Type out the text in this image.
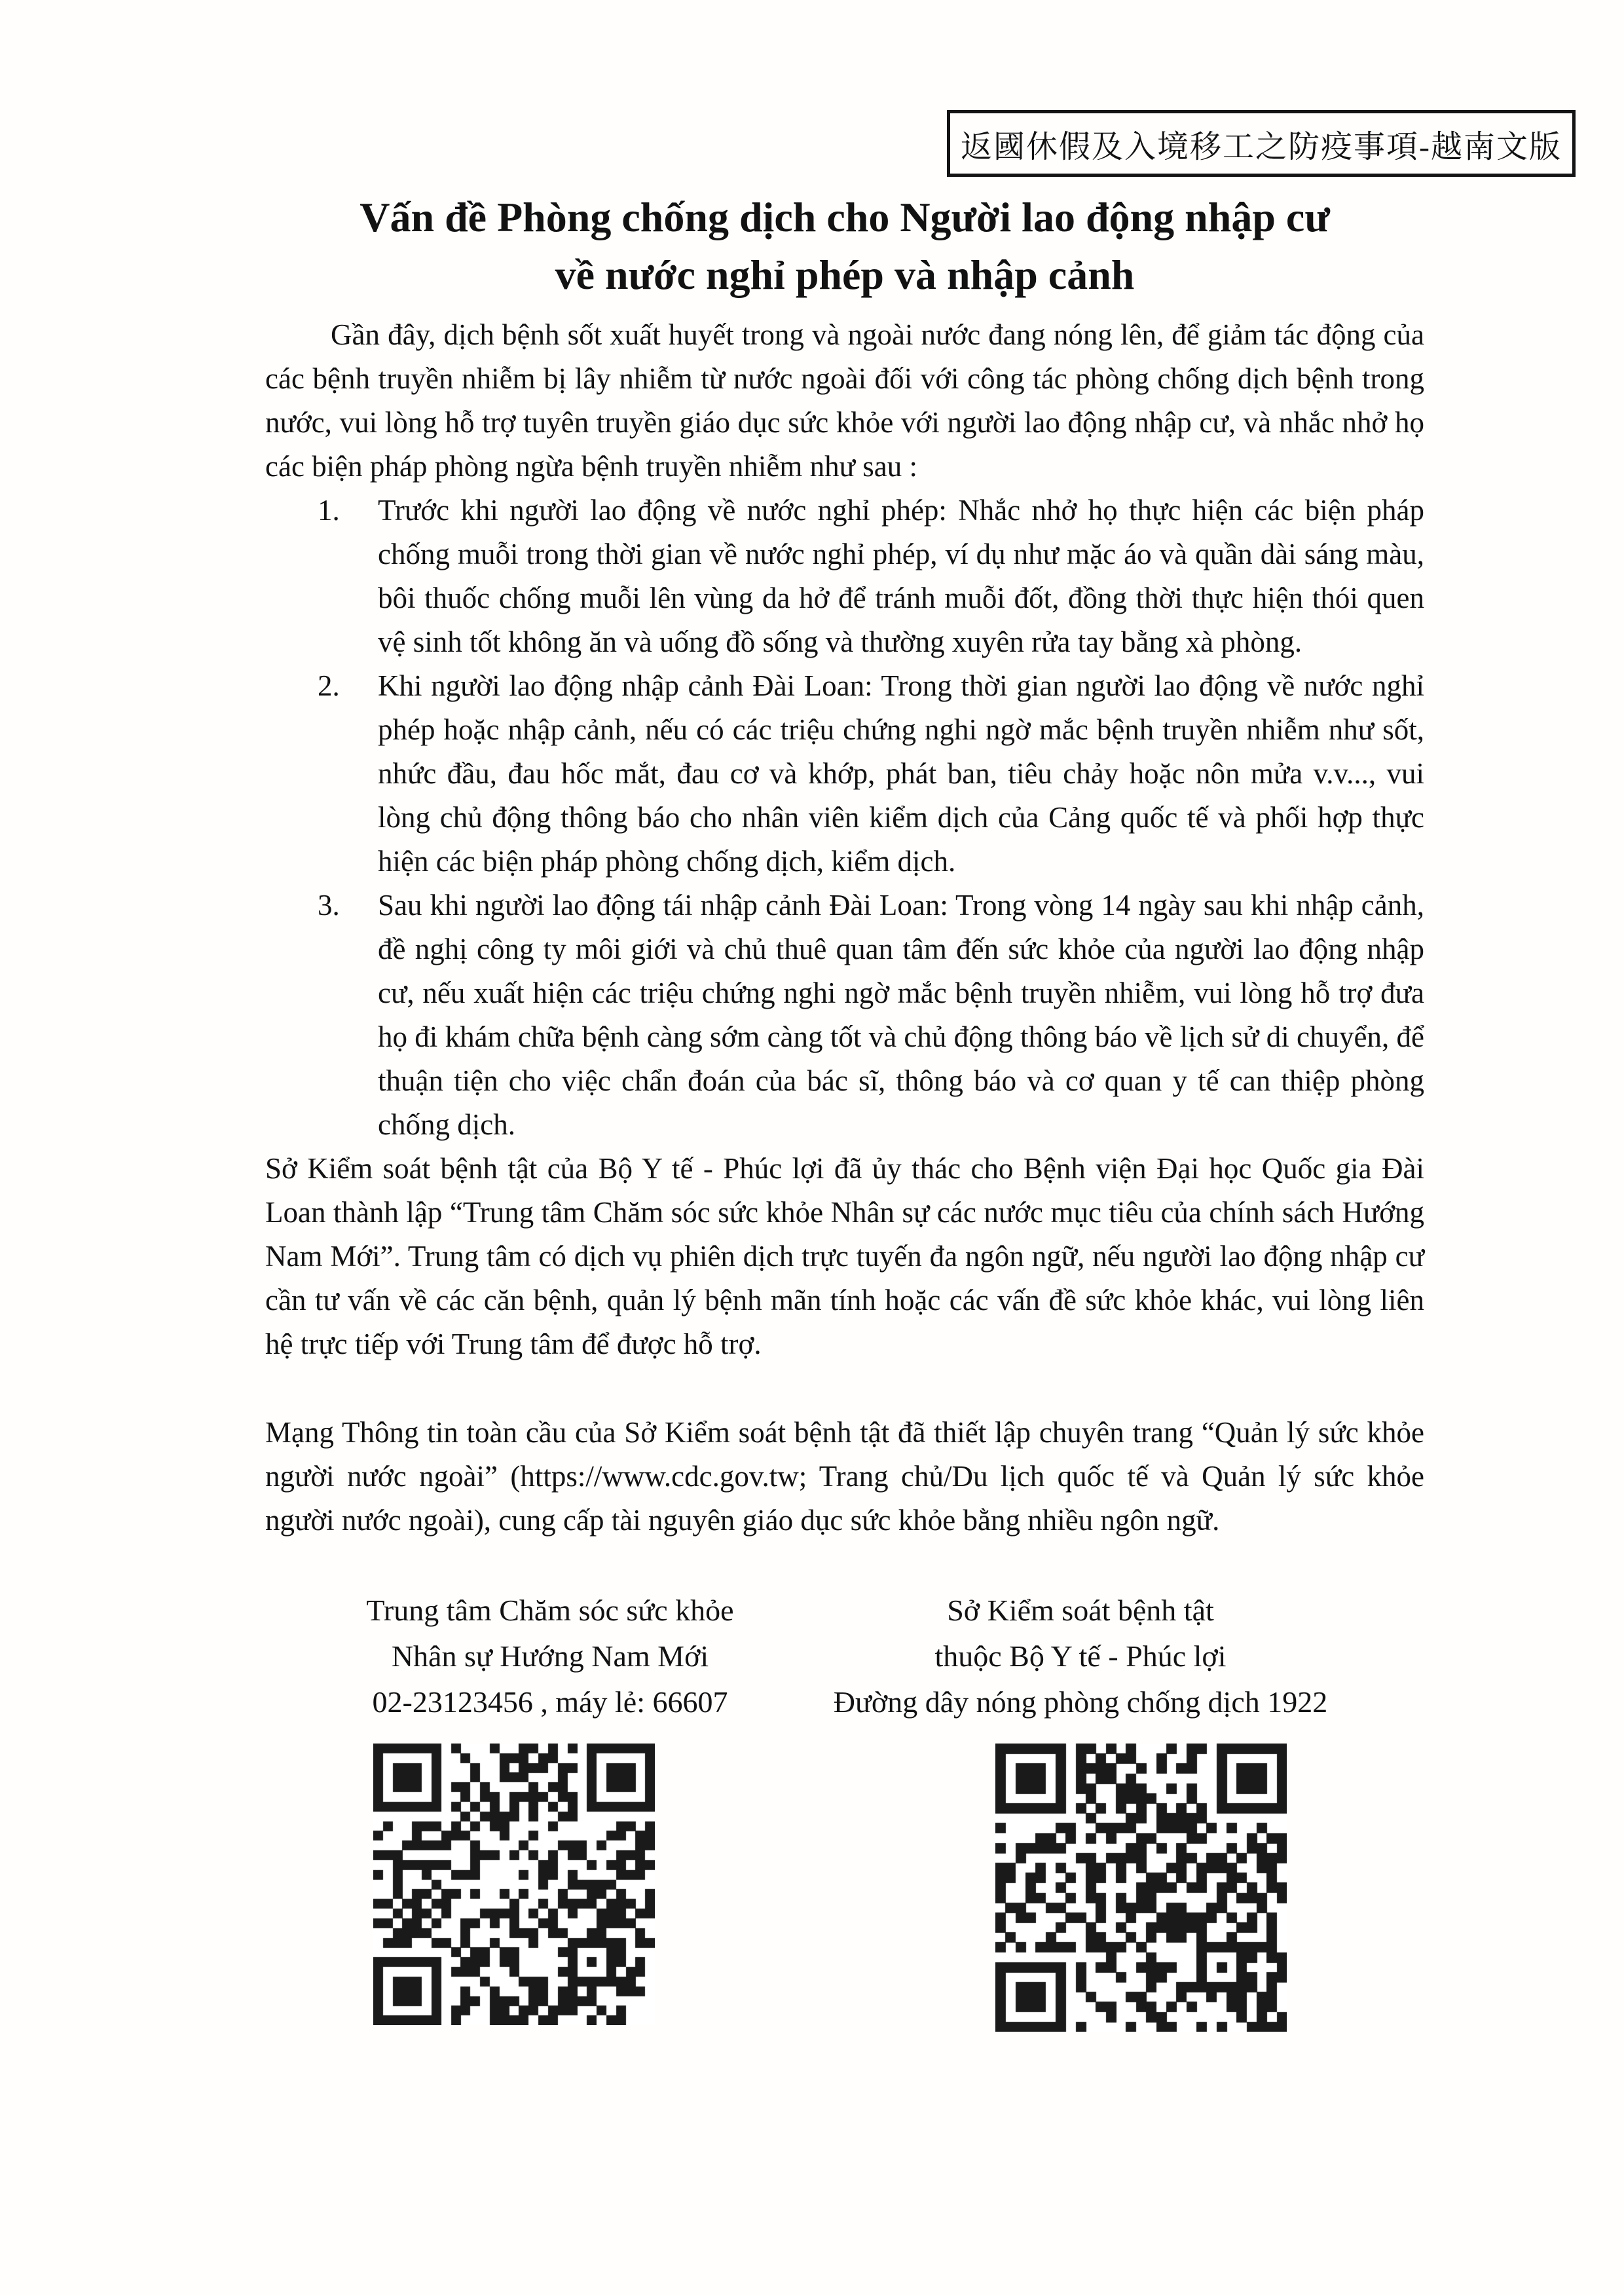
返國休假及入境移工之防疫事項-越南文版
Vấn đề Phòng chống dịch cho Người lao động nhập cư
về nước nghỉ phép và nhập cảnh

Gần đây, dịch bệnh sốt xuất huyết trong và ngoài nước đang nóng lên, để giảm tác động của các bệnh truyền nhiễm bị lây nhiễm từ nước ngoài đối với công tác phòng chống dịch bệnh trong nước, vui lòng hỗ trợ tuyên truyền giáo dục sức khỏe với người lao động nhập cư, và nhắc nhở họ các biện pháp phòng ngừa bệnh truyền nhiễm như sau :

1. Trước khi người lao động về nước nghỉ phép: Nhắc nhở họ thực hiện các biện pháp chống muỗi trong thời gian về nước nghỉ phép, ví dụ như mặc áo và quần dài sáng màu, bôi thuốc chống muỗi lên vùng da hở để tránh muỗi đốt, đồng thời thực hiện thói quen vệ sinh tốt không ăn và uống đồ sống và thường xuyên rửa tay bằng xà phòng.
2. Khi người lao động nhập cảnh Đài Loan: Trong thời gian người lao động về nước nghỉ phép hoặc nhập cảnh, nếu có các triệu chứng nghi ngờ mắc bệnh truyền nhiễm như sốt, nhức đầu, đau hốc mắt, đau cơ và khớp, phát ban, tiêu chảy hoặc nôn mửa v.v..., vui lòng chủ động thông báo cho nhân viên kiểm dịch của Cảng quốc tế và phối hợp thực hiện các biện pháp phòng chống dịch, kiểm dịch.
3. Sau khi người lao động tái nhập cảnh Đài Loan: Trong vòng 14 ngày sau khi nhập cảnh, đề nghị công ty môi giới và chủ thuê quan tâm đến sức khỏe của người lao động nhập cư, nếu xuất hiện các triệu chứng nghi ngờ mắc bệnh truyền nhiễm, vui lòng hỗ trợ đưa họ đi khám chữa bệnh càng sớm càng tốt và chủ động thông báo về lịch sử di chuyển, để thuận tiện cho việc chẩn đoán của bác sĩ, thông báo và cơ quan y tế can thiệp phòng chống dịch.

Sở Kiểm soát bệnh tật của Bộ Y tế - Phúc lợi đã ủy thác cho Bệnh viện Đại học Quốc gia Đài Loan thành lập “Trung tâm Chăm sóc sức khỏe Nhân sự các nước mục tiêu của chính sách Hướng Nam Mới”. Trung tâm có dịch vụ phiên dịch trực tuyến đa ngôn ngữ, nếu người lao động nhập cư cần tư vấn về các căn bệnh, quản lý bệnh mãn tính hoặc các vấn đề sức khỏe khác, vui lòng liên hệ trực tiếp với Trung tâm để được hỗ trợ.

Mạng Thông tin toàn cầu của Sở Kiểm soát bệnh tật đã thiết lập chuyên trang “Quản lý sức khỏe người nước ngoài” (https://www.cdc.gov.tw; Trang chủ/Du lịch quốc tế và Quản lý sức khỏe người nước ngoài), cung cấp tài nguyên giáo dục sức khỏe bằng nhiều ngôn ngữ.

Trung tâm Chăm sóc sức khỏe
Nhân sự Hướng Nam Mới
02-23123456 , máy lẻ: 66607
Sở Kiểm soát bệnh tật
thuộc Bộ Y tế - Phúc lợi
Đường dây nóng phòng chống dịch 1922
